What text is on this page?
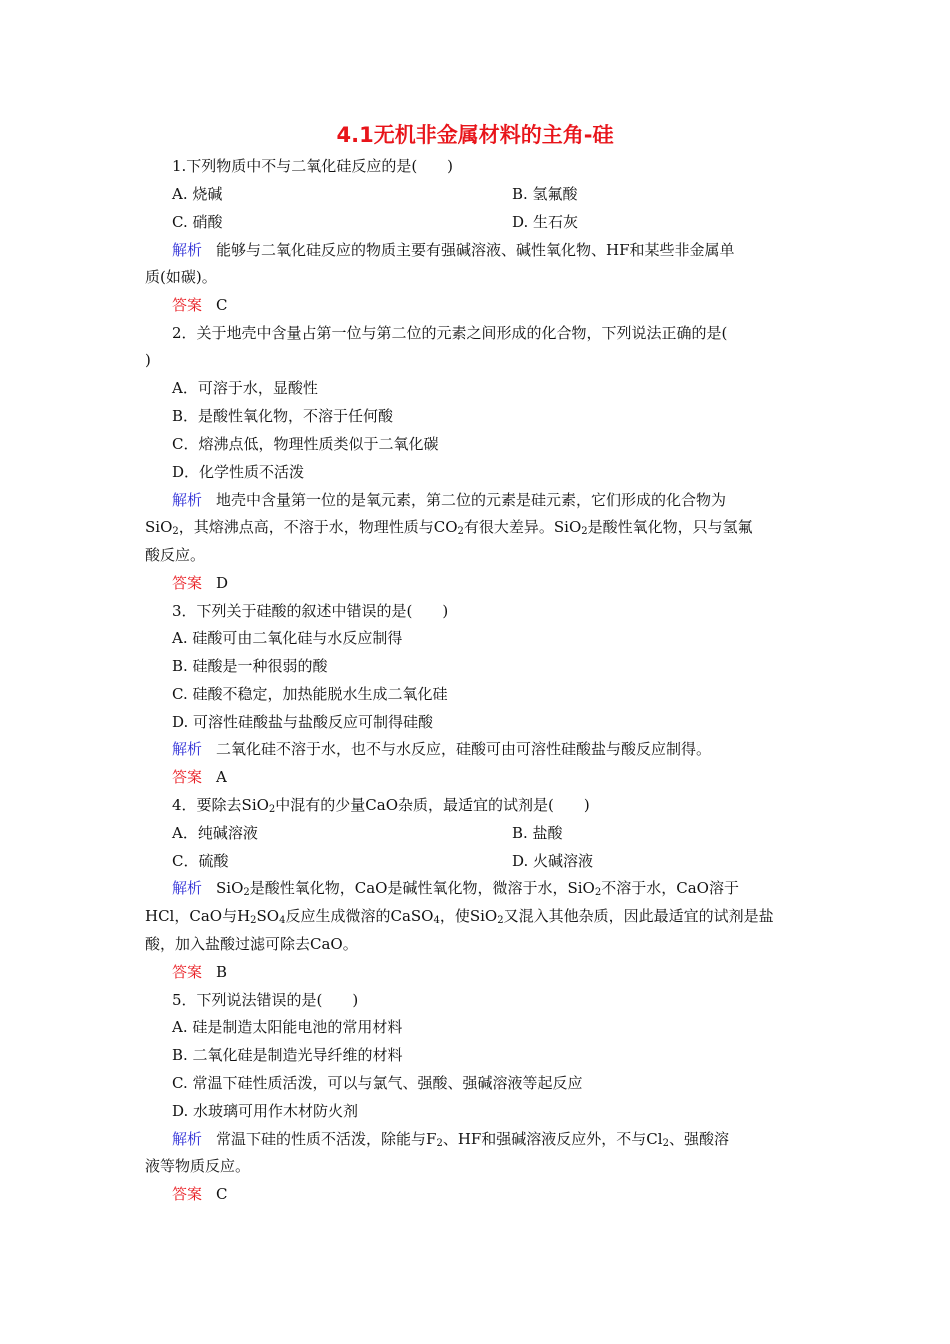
4.1无机非金属材料的主角-硅
1.下列物质中不与二氧化硅反应的是(　　)
A. 烧碱	B. 氢氟酸
C. 硝酸	D. 生石灰
解析 能够与二氧化硅反应的物质主要有强碱溶液、碱性氧化物、HF和某些非金属单
质(如碳)。
答案 C
2．关于地壳中含量占第一位与第二位的元素之间形成的化合物，下列说法正确的是(
)
A．可溶于水，显酸性
B．是酸性氧化物，不溶于任何酸
C．熔沸点低，物理性质类似于二氧化碳
D．化学性质不活泼
解析 地壳中含量第一位的是氧元素，第二位的元素是硅元素，它们形成的化合物为
SiO$_2$，其熔沸点高，不溶于水，物理性质与$CO_2$有很大差异。SiO$_2$是酸性氧化物，只与氢氟
酸反应。
答案 D
3．下列关于硅酸的叙述中错误的是(　　)
A. 硅酸可由二氧化硅与水反应制得
B. 硅酸是一种很弱的酸
C. 硅酸不稳定，加热能脱水生成二氧化硅
D. 可溶性硅酸盐与盐酸反应可制得硅酸
解析 二氧化硅不溶于水，也不与水反应，硅酸可由可溶性硅酸盐与酸反应制得。
答案 A
4．要除去SiO$_2$中混有的少量CaO杂质，最适宜的试剂是(　　)
A．纯碱溶液	B. 盐酸
C．硫酸	D. 火碱溶液
解析 SiO$_2$是酸性氧化物，CaO是碱性氧化物，微溶于水，SiO$_2$不溶于水，CaO溶于
HCl，CaO与$H_2SO_4$反应生成微溶的CaSO$_4$，使SiO$_2$又混入其他杂质，因此最适宜的试剂是盐
酸，加入盐酸过滤可除去CaO。
答案 B
5．下列说法错误的是(　　)
A. 硅是制造太阳能电池的常用材料
B. 二氧化硅是制造光导纤维的材料
C. 常温下硅性质活泼，可以与氯气、强酸、强碱溶液等起反应
D. 水玻璃可用作木材防火剂
解析 常温下硅的性质不活泼，除能与$F_2$、HF和强碱溶液反应外，不与$Cl_2$、强酸溶
液等物质反应。
答案 C
